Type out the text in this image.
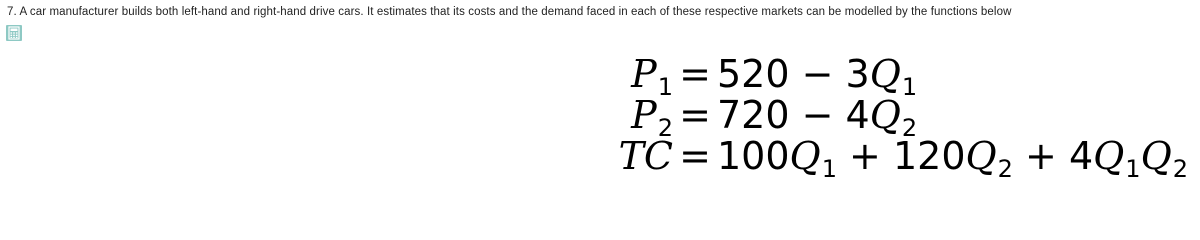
7. A car manufacturer builds both left-hand and right-hand drive cars. It estimates that its costs and the demand faced in each of these respective markets can be modelled by the functions below
$P_1 = 520 - 3Q_1$
$P_2 = 720 - 4Q_2$
TC = $100Q_1 + 120Q_2 + 4Q_1Q_2$
